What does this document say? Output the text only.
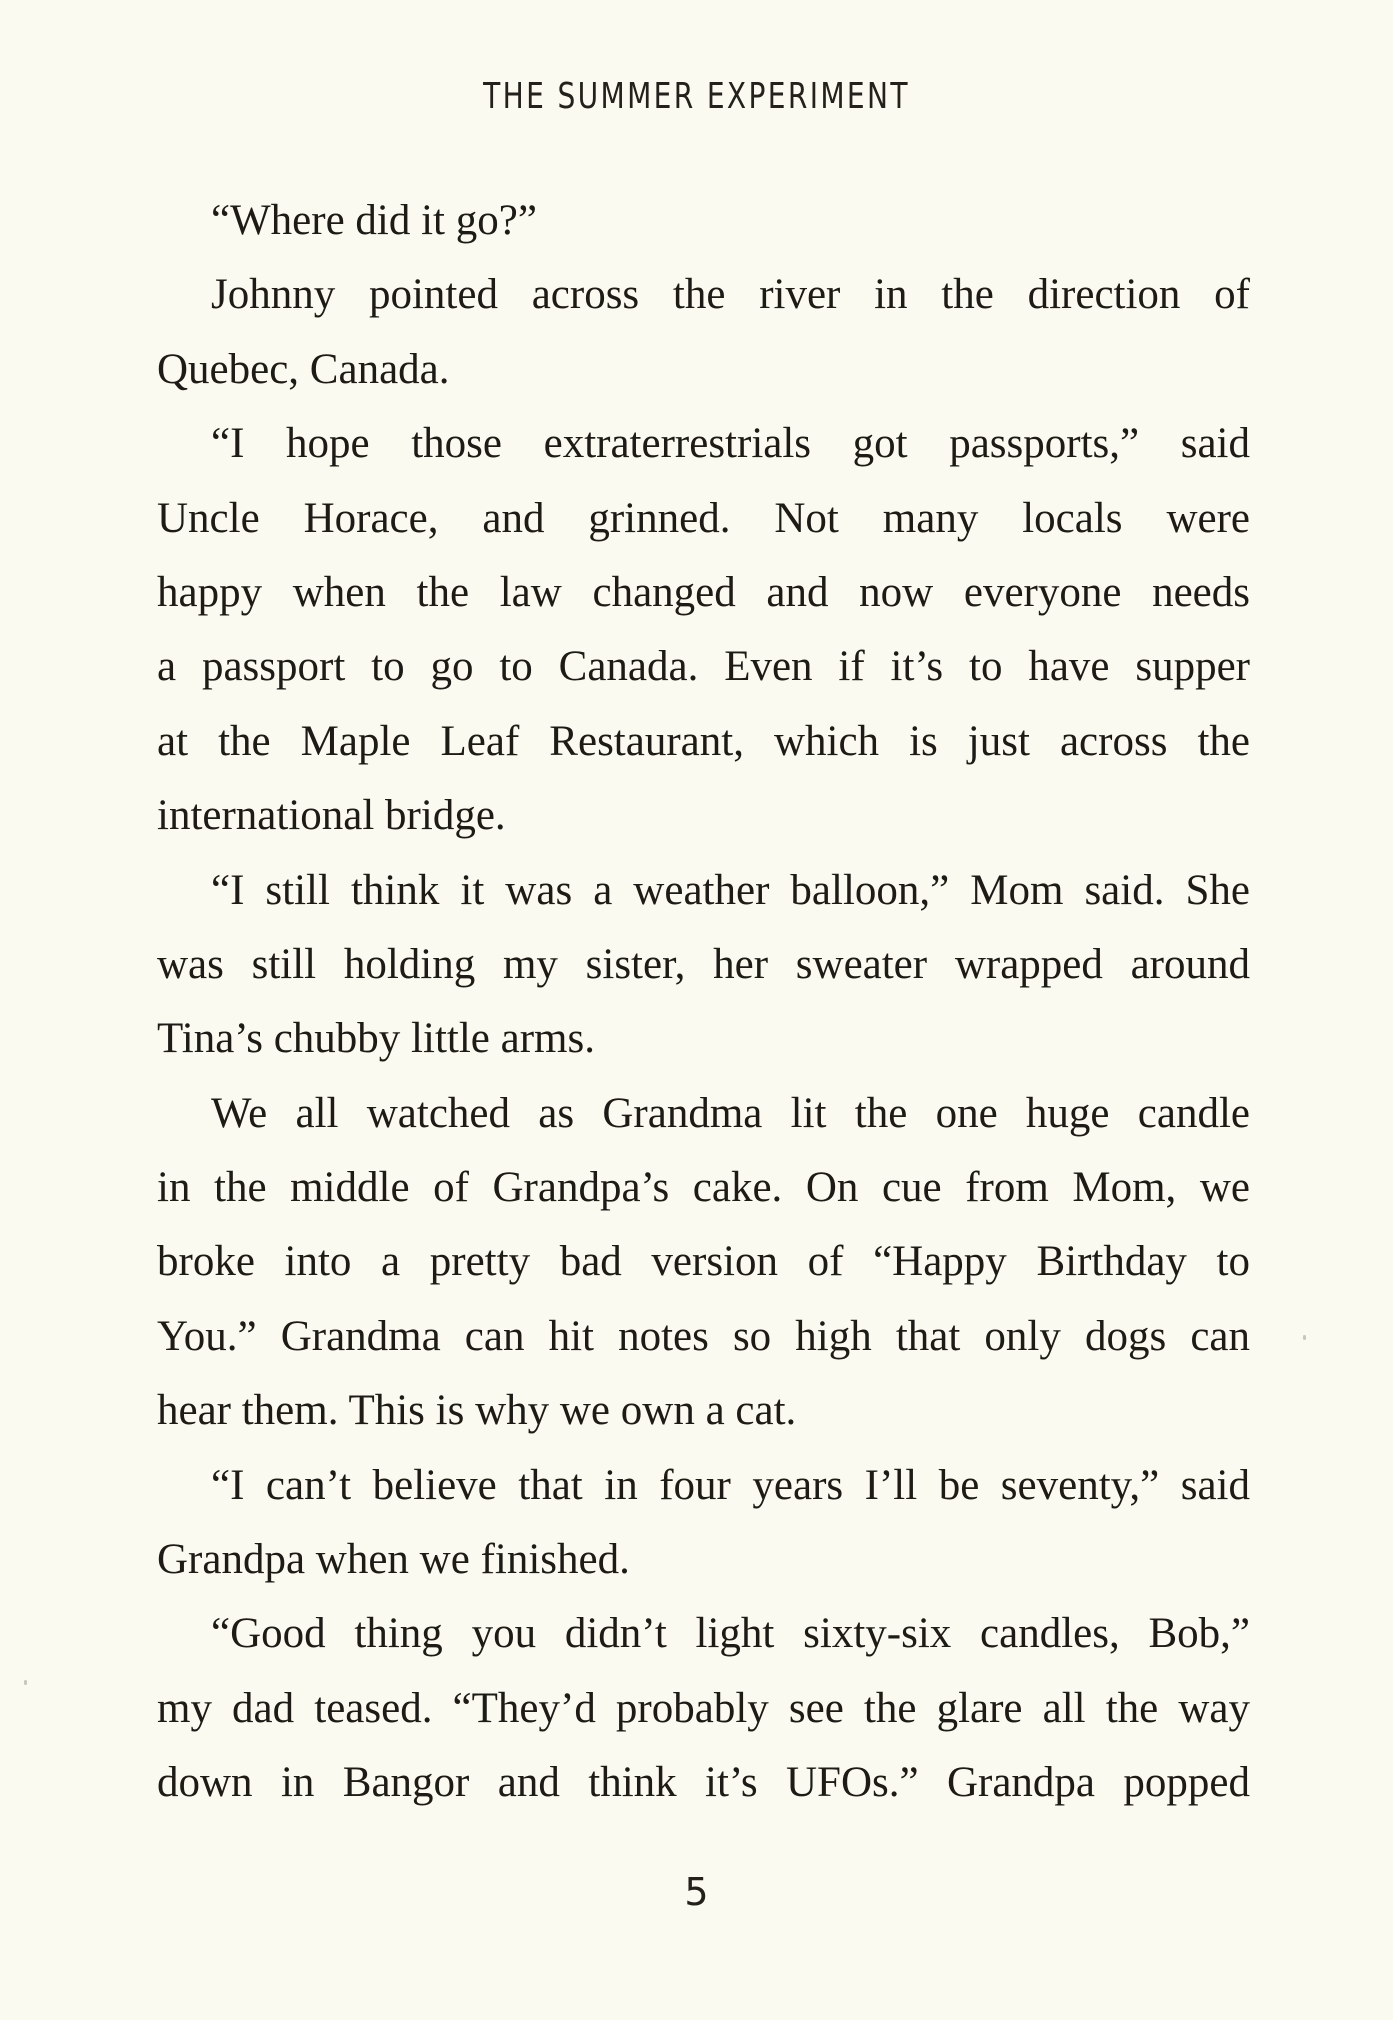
THE SUMMER EXPERIMENT
“Where did it go?”
Johnny pointed across the river in the direction of
Quebec, Canada.
“I hope those extraterrestrials got passports,” said
Uncle Horace, and grinned. Not many locals were
happy when the law changed and now everyone needs
a passport to go to Canada. Even if it’s to have supper
at the Maple Leaf Restaurant, which is just across the
international bridge.
“I still think it was a weather balloon,” Mom said. She
was still holding my sister, her sweater wrapped around
Tina’s chubby little arms.
We all watched as Grandma lit the one huge candle
in the middle of Grandpa’s cake. On cue from Mom, we
broke into a pretty bad version of “Happy Birthday to
You.” Grandma can hit notes so high that only dogs can
hear them. This is why we own a cat.
“I can’t believe that in four years I’ll be seventy,” said
Grandpa when we finished.
“Good thing you didn’t light sixty-six candles, Bob,”
my dad teased. “They’d probably see the glare all the way
down in Bangor and think it’s UFOs.” Grandpa popped
5
